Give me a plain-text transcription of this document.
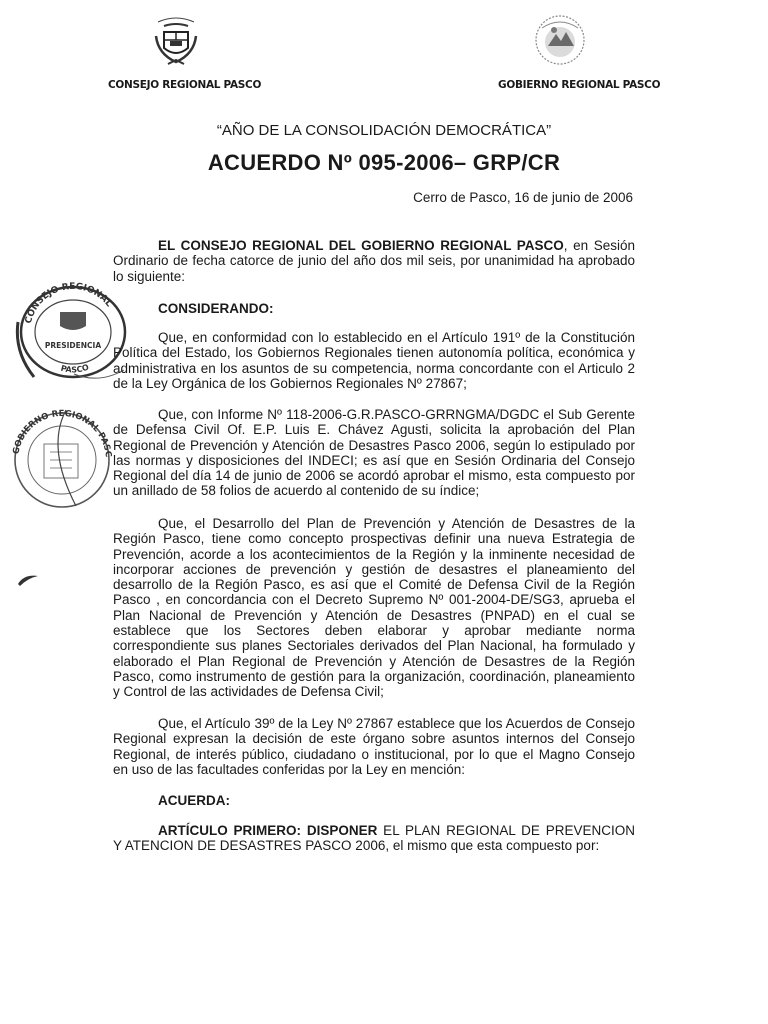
CONSEJO REGIONAL PASCO	GOBIERNO REGIONAL PASCO
CONSEJO REGIONAL
PASCO
PRESIDENCIA
GOBIERNO REGIONAL PASC
“AÑO DE LA CONSOLIDACIÓN DEMOCRÁTICA”
ACUERDO Nº 095-2006– GRP/CR
Cerro de Pasco, 16 de junio de 2006
EL CONSEJO REGIONAL DEL GOBIERNO REGIONAL PASCO, en Sesión
Ordinario de fecha catorce de junio del año dos mil seis, por unanimidad ha aprobado
lo siguiente:
CONSIDERANDO:
Que, en conformidad con lo establecido en el Artículo 191º de la Constitución
Política del Estado, los Gobiernos Regionales tienen autonomía política, económica y
administrativa en los asuntos de su competencia, norma concordante con el Articulo 2
de la Ley Orgánica de los Gobiernos Regionales Nº 27867;
Que, con Informe Nº 118-2006-G.R.PASCO-GRRNGMA/DGDC el Sub Gerente
de Defensa Civil Of. E.P. Luis E. Chávez Agusti, solicita la aprobación del Plan
Regional de Prevención y Atención de Desastres Pasco 2006, según lo estipulado por
las normas y disposiciones del INDECI; es así que en Sesión Ordinaria del Consejo
Regional del día 14 de junio de 2006 se acordó aprobar el mismo, esta compuesto por
un anillado de 58 folios de acuerdo al contenido de su índice;
Que, el Desarrollo del Plan de Prevención y Atención de Desastres de la
Región Pasco, tiene como concepto prospectivas definir una nueva Estrategia de
Prevención, acorde a los acontecimientos de la Región y la inminente necesidad de
incorporar acciones de prevención y gestión de desastres el planeamiento del
desarrollo de la Región Pasco, es así que el Comité de Defensa Civil de la Región
Pasco , en concordancia con el Decreto Supremo Nº 001-2004-DE/SG3, aprueba el
Plan Nacional de Prevención y Atención de Desastres (PNPAD) en el cual se
establece que los Sectores deben elaborar y aprobar mediante norma
correspondiente sus planes Sectoriales derivados del Plan Nacional, ha formulado y
elaborado el Plan Regional de Prevención y Atención de Desastres de la Región
Pasco, como instrumento de gestión para la organización, coordinación, planeamiento
y Control de las actividades de Defensa Civil;
Que, el Artículo 39º de la Ley Nº 27867 establece que los Acuerdos de Consejo
Regional expresan la decisión de este órgano sobre asuntos internos del Consejo
Regional, de interés público, ciudadano o institucional, por lo que el Magno Consejo
en uso de las facultades conferidas por la Ley en mención:
ACUERDA:
ARTÍCULO PRIMERO: DISPONER EL PLAN REGIONAL DE PREVENCION
Y ATENCION DE DESASTRES PASCO 2006, el mismo que esta compuesto por:
